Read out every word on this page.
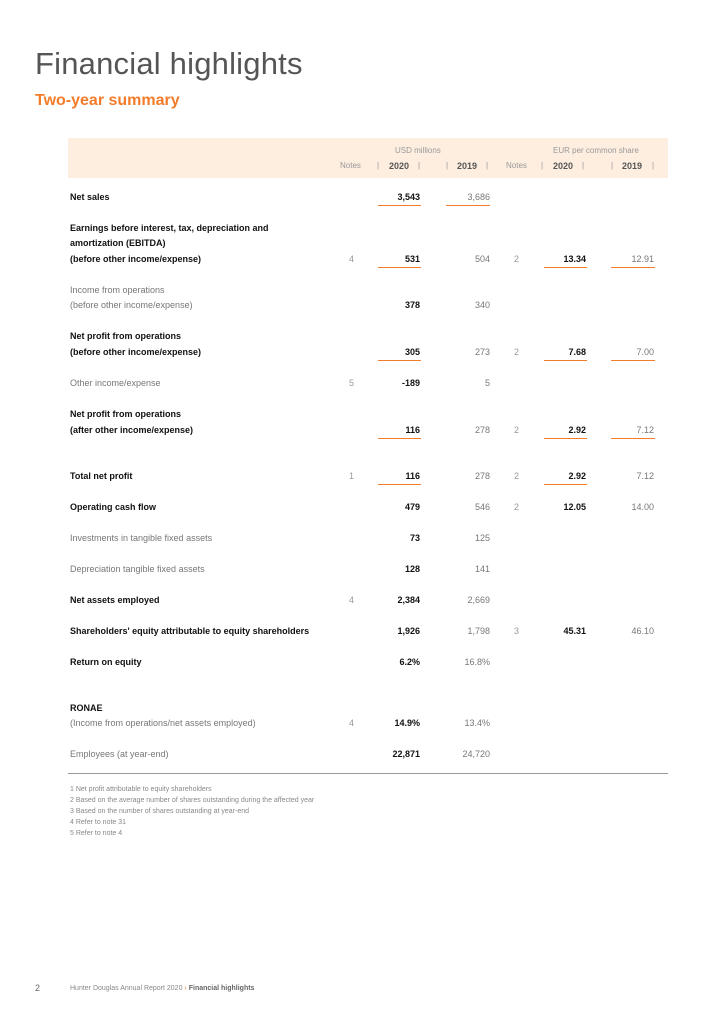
Financial highlights
Two-year summary
USD millions	EUR per common share
Notes | 2020 |	| 2019 | Notes | 2020 |	| 2019 |
Net sales	3,543	3,686
Earnings before interest, tax, depreciation and
amortization (EBITDA)
(before other income/expense)	4	531	504	2	13.34	12.91
Income from operations
(before other income/expense)	378	340
Net profit from operations
(before other income/expense)	305	273	2	7.68	7.00
Other income/expense	5	-189	5
Net profit from operations
(after other income/expense)	116	278	2	2.92	7.12
Total net profit	1	116	278	2	2.92	7.12
Operating cash flow	479	546	2	12.05	14.00
Investments in tangible fixed assets	73	125
Depreciation tangible fixed assets	128	141
Net assets employed	4	2,384	2,669
Shareholders' equity attributable to equity shareholders	1,926	1,798	3	45.31	46.10
Return on equity	6.2%	16.8%
RONAE
(Income from operations/net assets employed)	4	14.9%	13.4%
Employees (at year-end)	22,871	24,720
1 Net profit attributable to equity shareholders
2 Based on the average number of shares outstanding during the affected year
3 Based on the number of shares outstanding at year-end
4 Refer to note 31
5 Refer to note 4
2	Hunter Douglas Annual Report 2020 › Financial highlights
